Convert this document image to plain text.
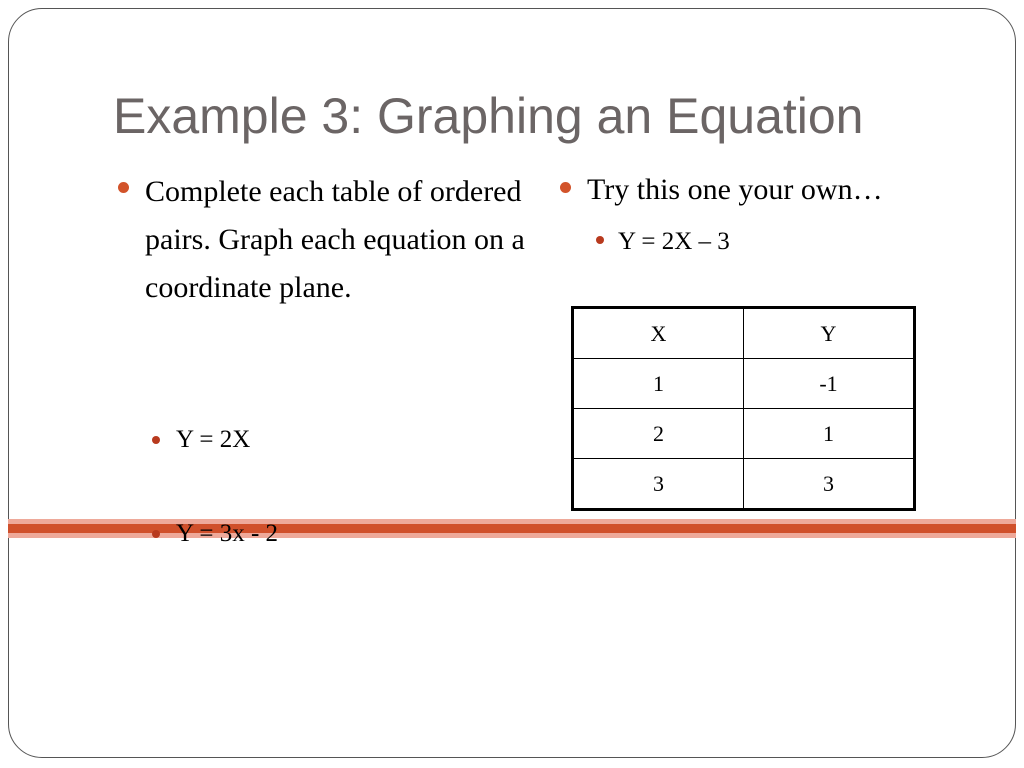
Example 3: Graphing an Equation
Complete each table of ordered pairs. Graph each equation on a coordinate plane.
Y = 2X
Y = 3x - 2
Try this one your own…
Y = 2X – 3
X	Y
1	-1
2	1
3	3
